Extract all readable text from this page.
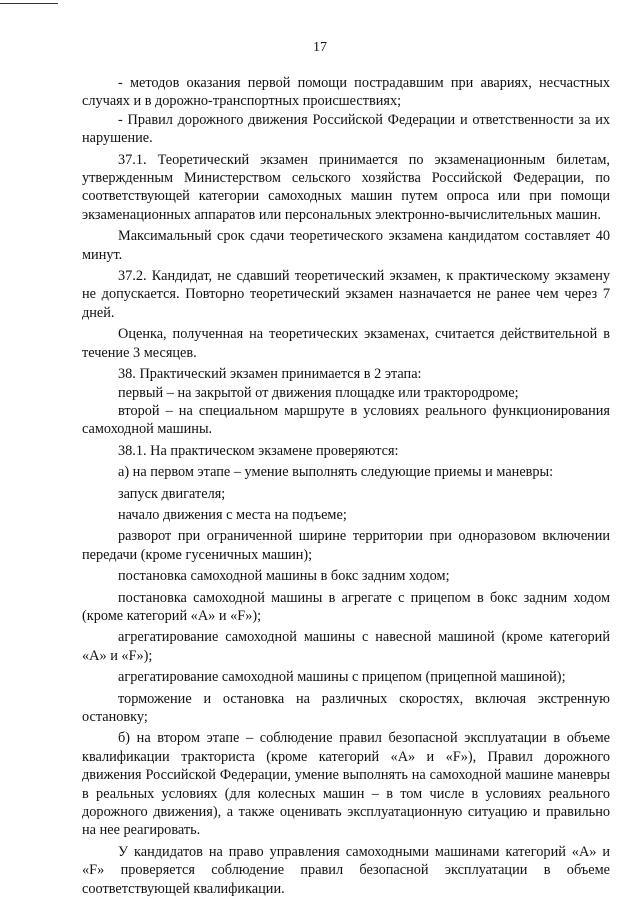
17

- методов оказания первой помощи пострадавшим при авариях, несчастных случаях и в дорожно-транспортных происшествиях;

- Правил дорожного движения Российской Федерации и ответственности за их нарушение.

37.1. Теоретический экзамен принимается по экзаменационным билетам, утвержденным Министерством сельского хозяйства Российской Федерации, по соответствующей категории самоходных машин путем опроса или при помощи экзаменационных аппаратов или персональных электронно-вычислительных машин.

Максимальный срок сдачи теоретического экзамена кандидатом составляет 40 минут.

37.2. Кандидат, не сдавший теоретический экзамен, к практическому экзамену не допускается. Повторно теоретический экзамен назначается не ранее чем через 7 дней.

Оценка, полученная на теоретических экзаменах, считается действительной в течение 3 месяцев.

38. Практический экзамен принимается в 2 этапа:

первый – на закрытой от движения площадке или трактородроме;

второй – на специальном маршруте в условиях реального функционирования самоходной машины.

38.1. На практическом экзамене проверяются:

а) на первом этапе – умение выполнять следующие приемы и маневры:

запуск двигателя;

начало движения с места на подъеме;

разворот при ограниченной ширине территории при одноразовом включении передачи (кроме гусеничных машин);

постановка самоходной машины в бокс задним ходом;

постановка самоходной машины в агрегате с прицепом в бокс задним ходом (кроме категорий «А» и «F»);

агрегатирование самоходной машины с навесной машиной (кроме категорий «А» и «F»);

агрегатирование самоходной машины с прицепом (прицепной машиной);

торможение и остановка на различных скоростях, включая экстренную остановку;

б) на втором этапе – соблюдение правил безопасной эксплуатации в объеме квалификации тракториста (кроме категорий «А» и «F»), Правил дорожного движения Российской Федерации, умение выполнять на самоходной машине маневры в реальных условиях (для колесных машин – в том числе в условиях реального дорожного движения), а также оценивать эксплуатационную ситуацию и правильно на нее реагировать.

У кандидатов на право управления самоходными машинами категорий «А» и «F» проверяется соблюдение правил безопасной эксплуатации в объеме соответствующей квалификации.
